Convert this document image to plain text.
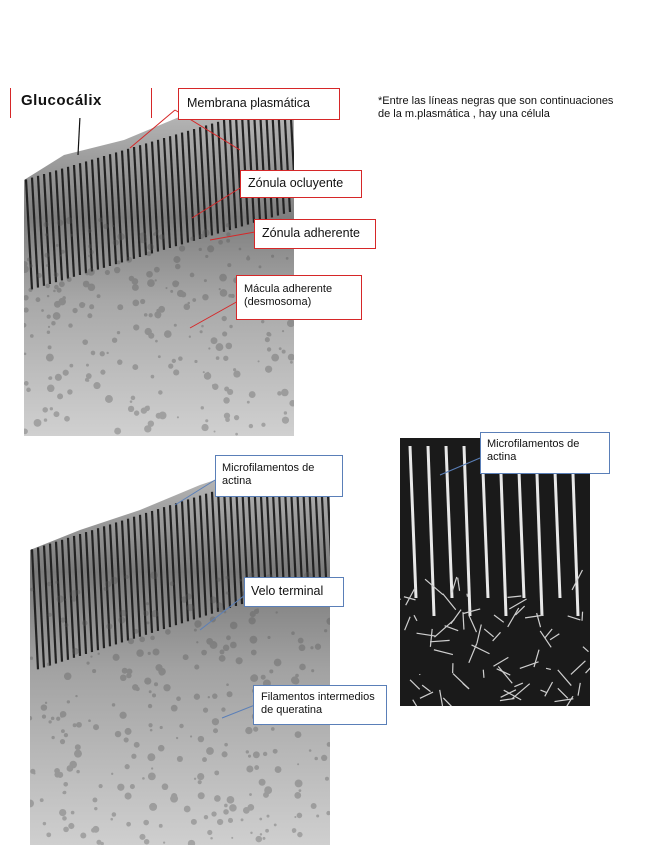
Glucocálix	Membrana plasmática	*Entre las líneas negras que son continuaciones de la m.plasmática , hay una célula
Zónula ocluyente
Zónula adherente
Mácula adherente
(desmosoma)
Microfilamentos de
actina
Velo terminal
Filamentos intermedios
de queratina
Microfilamentos de
actina
